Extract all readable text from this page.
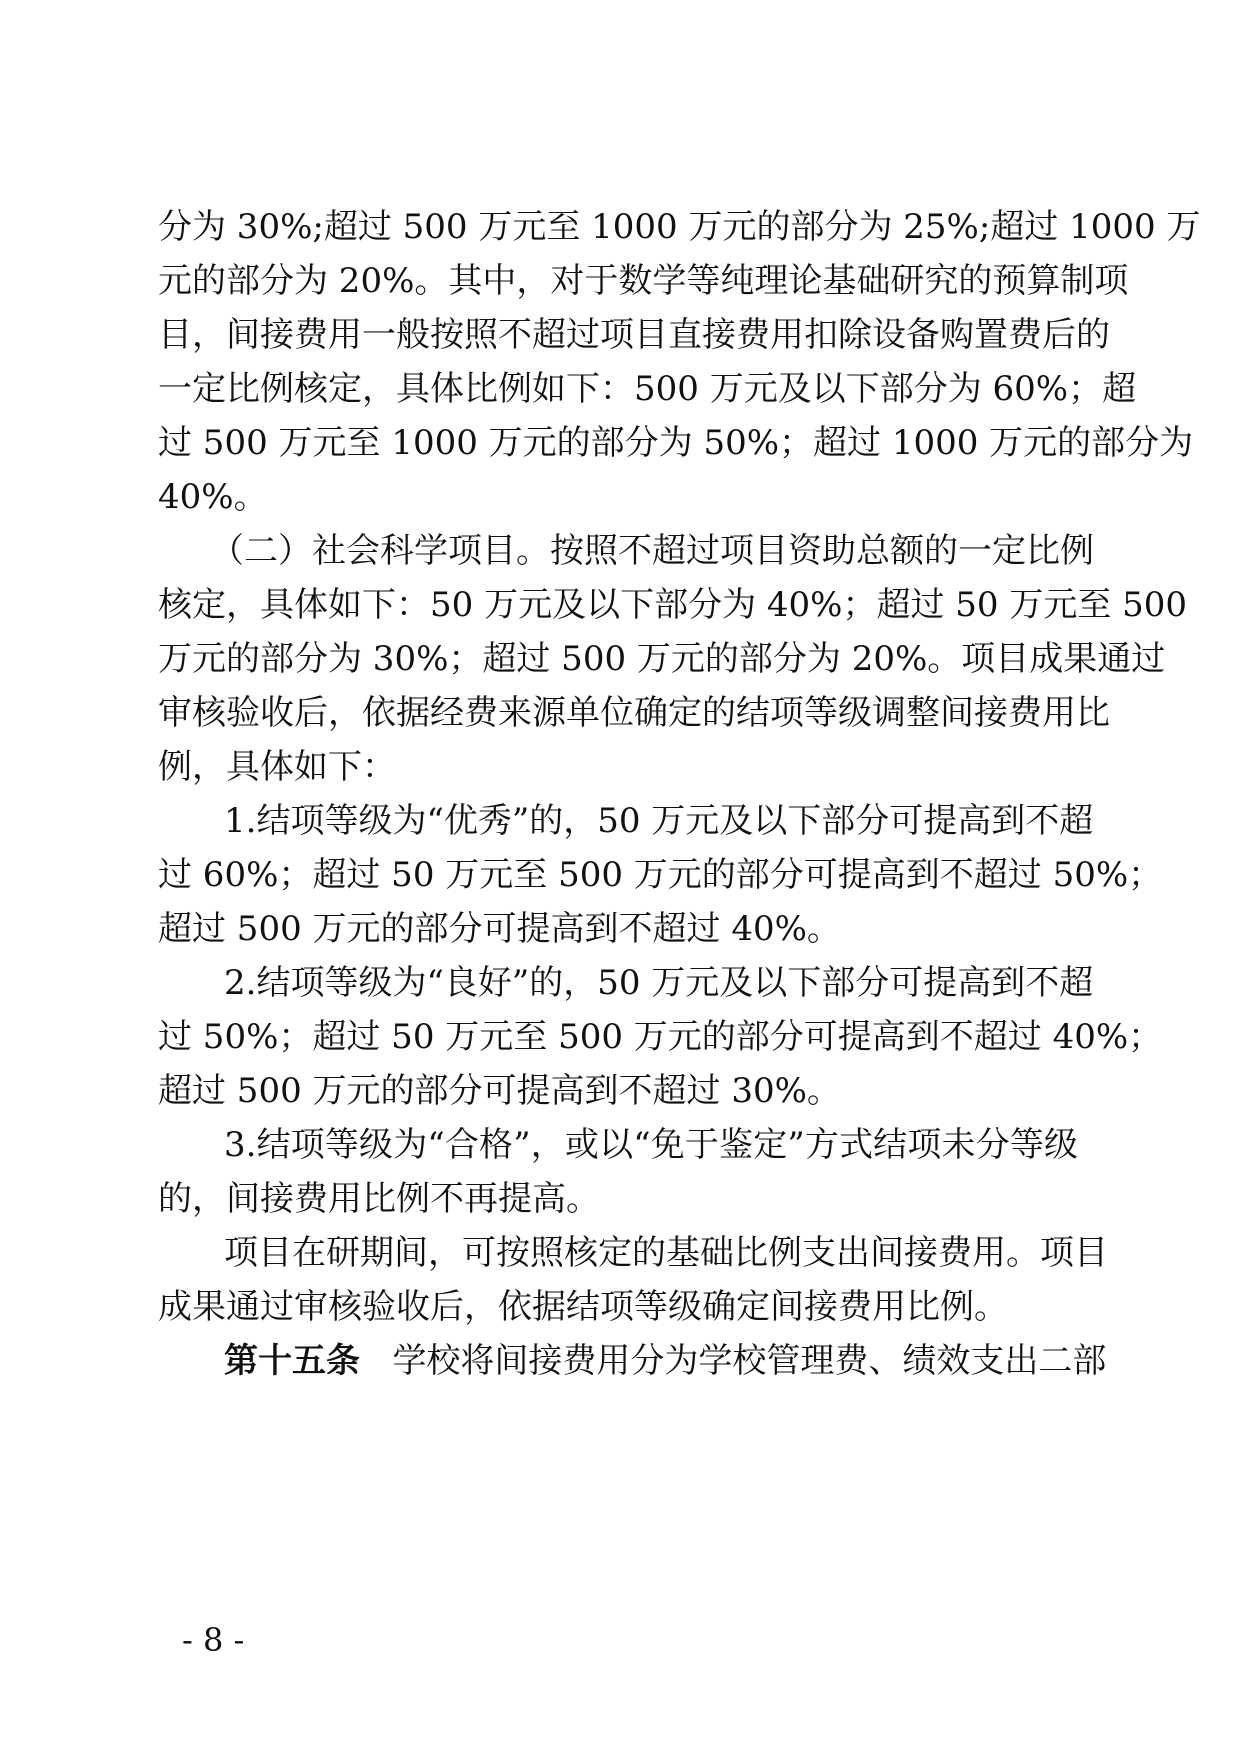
分为 30%;超过 500 万元至 1000 万元的部分为 25%;超过 1000 万
元的部分为 20%。其中，对于数学等纯理论基础研究的预算制项
目，间接费用一般按照不超过项目直接费用扣除设备购置费后的
一定比例核定，具体比例如下：500 万元及以下部分为 60%；超
过 500 万元至 1000 万元的部分为 50%；超过 1000 万元的部分为
40%。
（二）社会科学项目。按照不超过项目资助总额的一定比例
核定，具体如下：50 万元及以下部分为 40%；超过 50 万元至 500
万元的部分为 30%；超过 500 万元的部分为 20%。项目成果通过
审核验收后，依据经费来源单位确定的结项等级调整间接费用比
例，具体如下：
1.结项等级为“优秀”的，50 万元及以下部分可提高到不超
过 60%；超过 50 万元至 500 万元的部分可提高到不超过 50%；
超过 500 万元的部分可提高到不超过 40%。
2.结项等级为“良好”的，50 万元及以下部分可提高到不超
过 50%；超过 50 万元至 500 万元的部分可提高到不超过 40%；
超过 500 万元的部分可提高到不超过 30%。
3.结项等级为“合格”，或以“免于鉴定”方式结项未分等级
的，间接费用比例不再提高。
项目在研期间，可按照核定的基础比例支出间接费用。项目
成果通过审核验收后，依据结项等级确定间接费用比例。
第十五条 学校将间接费用分为学校管理费、绩效支出二部
- 8 -
